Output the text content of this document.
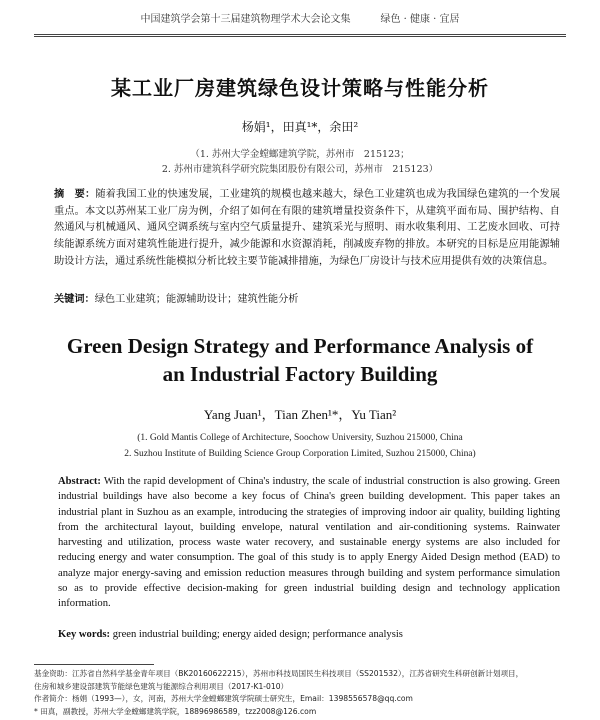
中国建筑学会第十三届建筑物理学术大会论文集　　　绿色 · 健康 · 宜居
某工业厂房建筑绿色设计策略与性能分析
杨娟¹，田真¹*，余田²
（1. 苏州大学金螳螂建筑学院，苏州市　215123；
2. 苏州市建筑科学研究院集团股份有限公司，苏州市　215123）
摘　要：随着我国工业的快速发展，工业建筑的规模也越来越大，绿色工业建筑也成为我国绿色建筑的一个发展重点。本文以苏州某工业厂房为例，介绍了如何在有限的建筑增量投资条件下，从建筑平面布局、围护结构、自然通风与机械通风、通风空调系统与室内空气质量提升、建筑采光与照明、雨水收集利用、工艺废水回收、可持续能源系统方面对建筑性能进行提升，减少能源和水资源消耗，削减废弃物的排放。本研究的目标是应用能源辅助设计方法，通过系统性能模拟分析比较主要节能减排措施，为绿色厂房设计与技术应用提供有效的决策信息。
关键词：绿色工业建筑；能源辅助设计；建筑性能分析
Green Design Strategy and Performance Analysis of
an Industrial Factory Building
Yang Juan¹，Tian Zhen¹*，Yu Tian²
(1. Gold Mantis College of Architecture, Soochow University, Suzhou 215000, China
2. Suzhou Institute of Building Science Group Corporation Limited, Suzhou 215000, China)
Abstract: With the rapid development of China's industry, the scale of industrial construction is also growing. Green industrial buildings have also become a key focus of China's green building development. This paper takes an industrial plant in Suzhou as an example, introducing the strategies of improving indoor air quality, building lighting from the architectural layout, building envelope, natural ventilation and air-conditioning systems. Rainwater harvesting and utilization, process waste water recovery, and sustainable energy systems are also included for reducing energy and water consumption. The goal of this study is to apply Energy Aided Design method (EAD) to analyze major energy-saving and emission reduction measures through building and system performance simulation so as to provide effective decision-making for green industrial building design and technology application information.
Key words: green industrial building; energy aided design; performance analysis
基金资助：江苏省自然科学基金青年项目（BK20160622215），苏州市科技局国民生科技项目（SS201532），江苏省研究生科研创新计划项目，
住房和城乡建设部建筑节能绿色建筑与能源综合利用项目（2017-K1-010）
作者简介：杨娟（1993—），女，河南，苏州大学金螳螂建筑学院硕士研究生，Email：1398556578@qq.com
* 田真，副教授，苏州大学金螳螂建筑学院，18896986589，tzz2008@126.com
